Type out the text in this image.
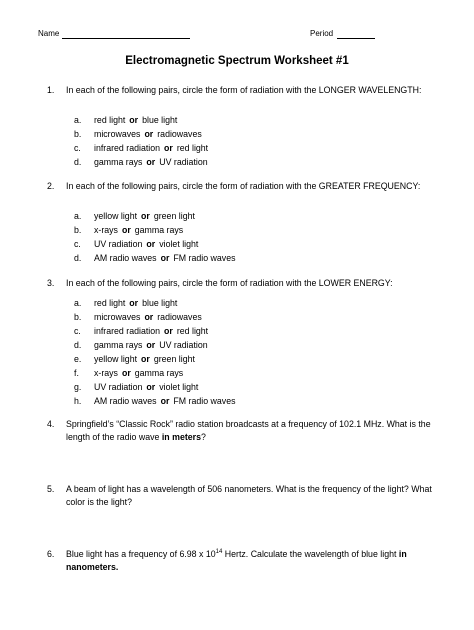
Name	Period
Electromagnetic Spectrum Worksheet #1
1. In each of the following pairs, circle the form of radiation with the LONGER WAVELENGTH:
a. red light or blue light
b. microwaves or radiowaves
c. infrared radiation or red light
d. gamma rays or UV radiation
2. In each of the following pairs, circle the form of radiation with the GREATER FREQUENCY:
a. yellow light or green light
b. x-rays or gamma rays
c. UV radiation or violet light
d. AM radio waves or FM radio waves
3. In each of the following pairs, circle the form of radiation with the LOWER ENERGY:
a. red light or blue light
b. microwaves or radiowaves
c. infrared radiation or red light
d. gamma rays or UV radiation
e. yellow light or green light
f. x-rays or gamma rays
g. UV radiation or violet light
h. AM radio waves or FM radio waves
4. Springfield’s “Classic Rock” radio station broadcasts at a frequency of 102.1 MHz. What is the length of the radio wave in meters?
5. A beam of light has a wavelength of 506 nanometers. What is the frequency of the light? What color is the light?
6. Blue light has a frequency of 6.98 x $10^{14}$ Hertz. Calculate the wavelength of blue light in nanometers.
